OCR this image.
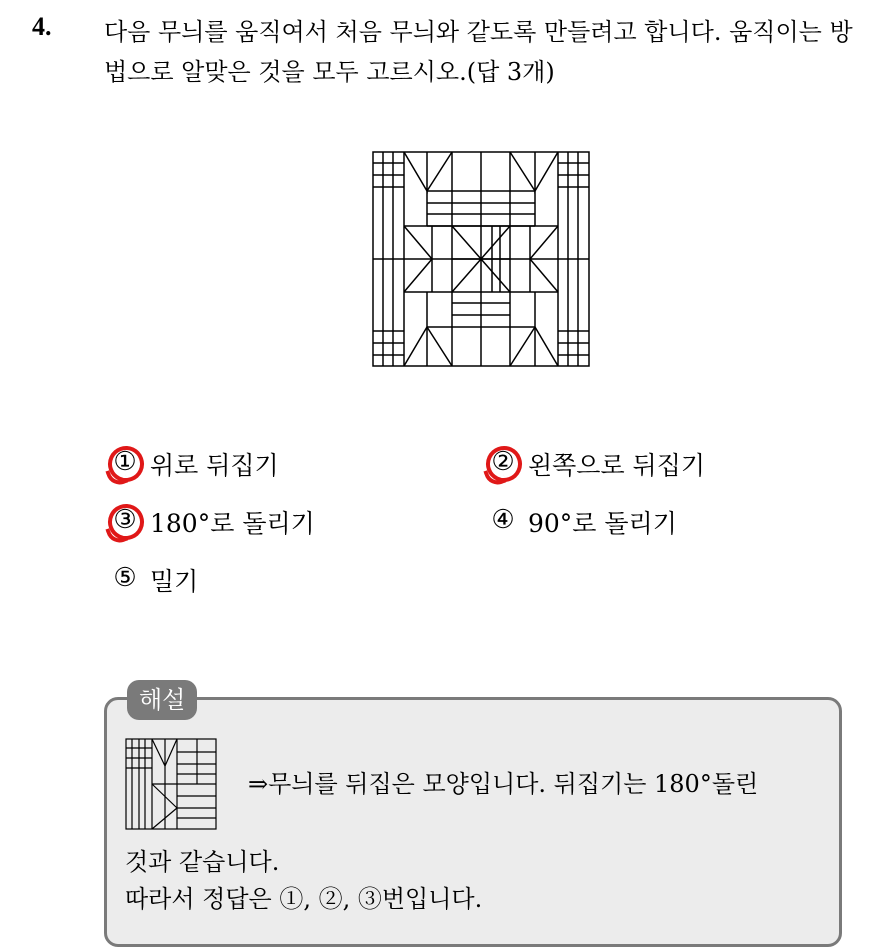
4. 다음 무늬를 움직여서 처음 무늬와 같도록 만들려고 합니다. 움직이는 방법으로 알맞은 것을 모두 고르시오.(답 3개)
① 위로 뒤집기	② 왼쪽으로 뒤집기
③ 180°로 돌리기	④ 90°로 돌리기
⑤ 밀기
해설
⇒무늬를 뒤집은 모양입니다. 뒤집기는 180°돌린
것과 같습니다.
따라서 정답은 ①, ②, ③번입니다.
